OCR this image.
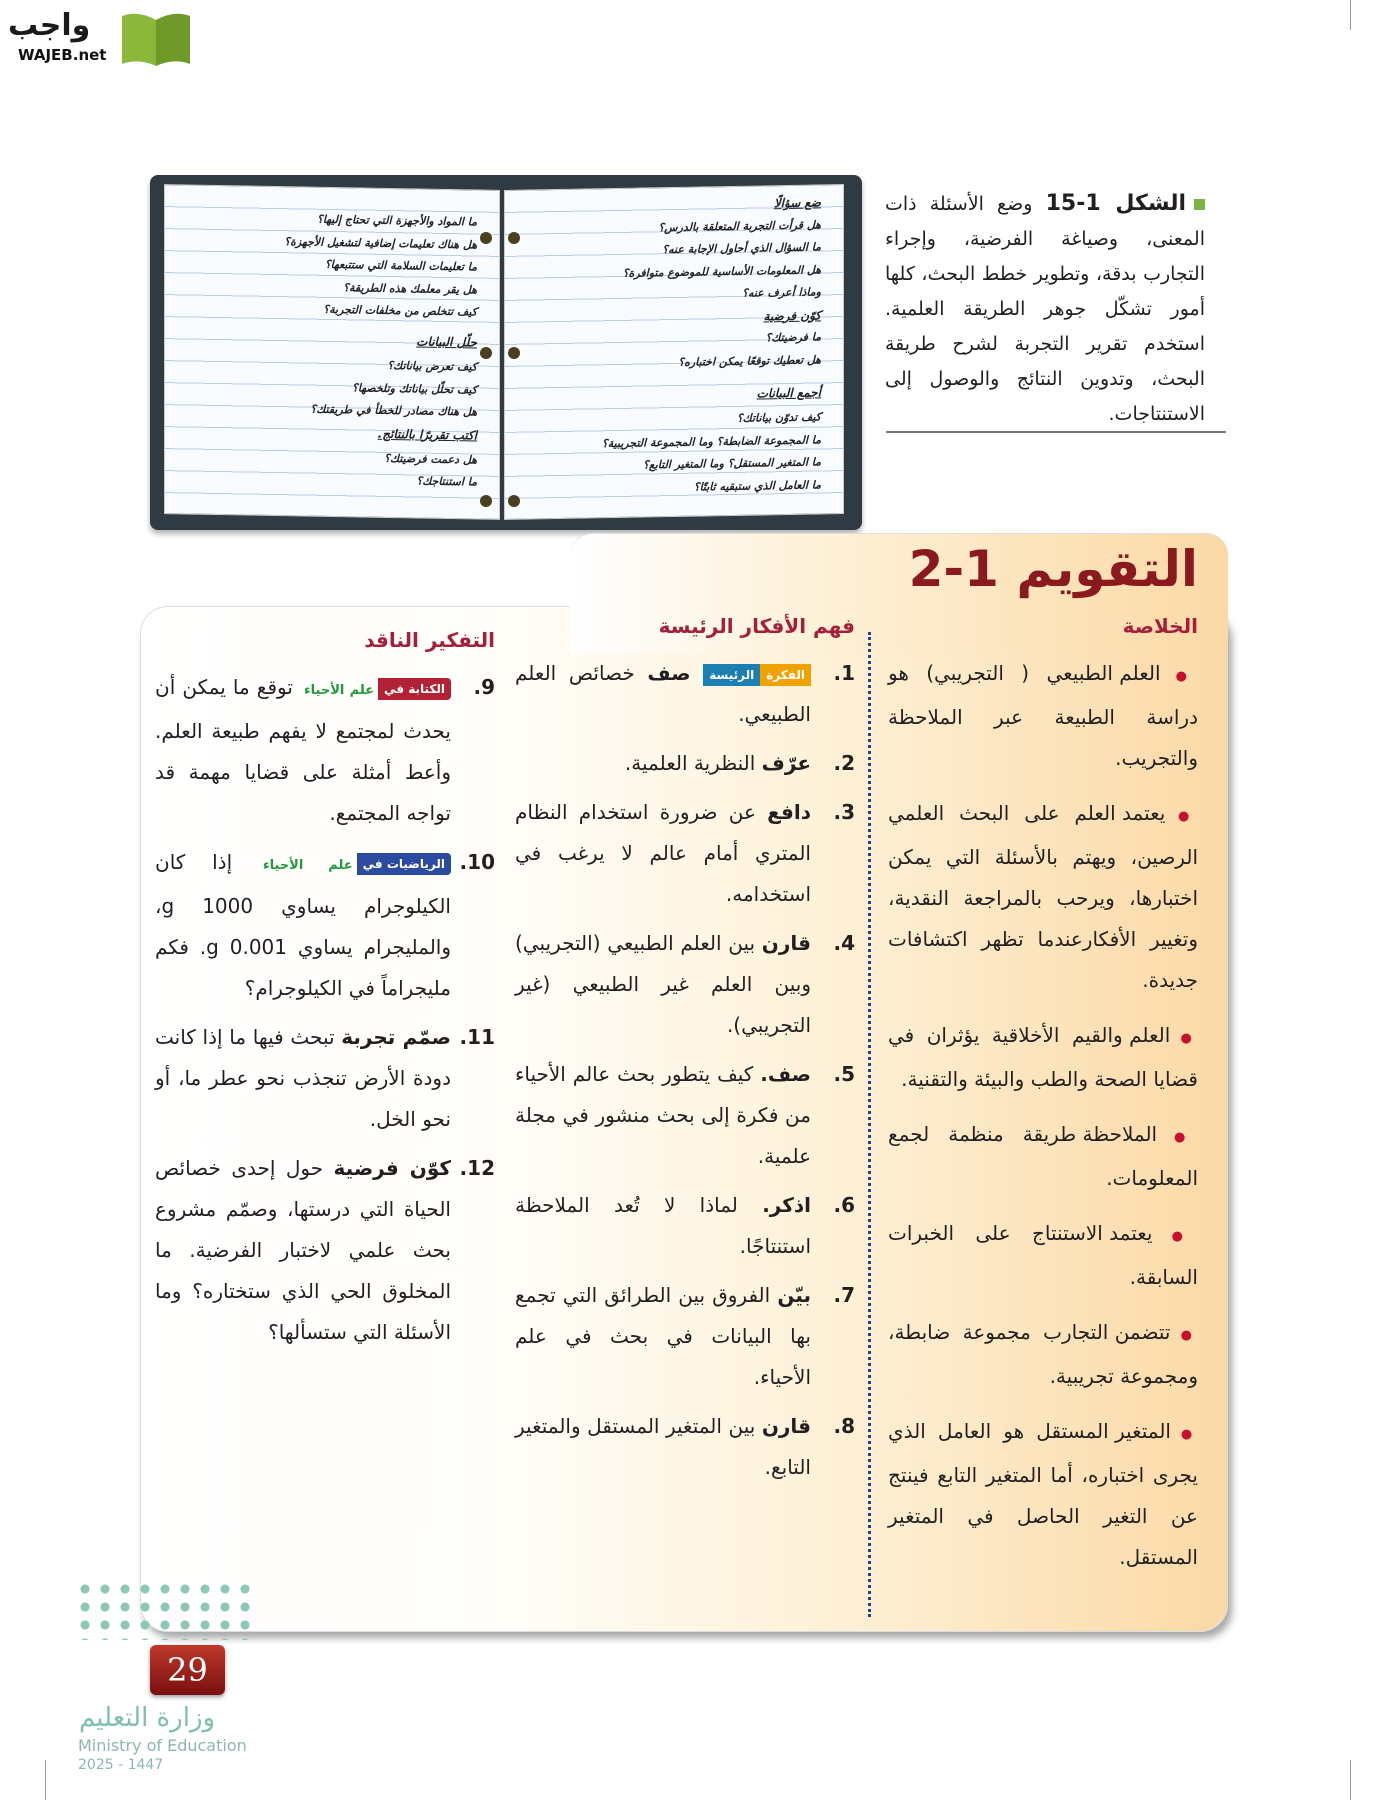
واجب
WAJEB.net
ضع سؤالًا
هل قرأت التجربة المتعلقة بالدرس؟
ما السؤال الذي أحاول الإجابة عنه؟
هل المعلومات الأساسية للموضوع متوافرة؟
وماذا أعرف عنه؟
كوّن فرضية
ما فرضيتك؟
هل تعطيك توقعًا يمكن اختباره؟
أجمع البيانات
كيف تدوّن بياناتك؟
ما المجموعة الضابطة؟ وما المجموعة التجريبية؟
ما المتغير المستقل؟ وما المتغير التابع؟
ما العامل الذي ستبقيه ثابتًا؟
ما المواد والأجهزة التي تحتاج إليها؟
هل هناك تعليمات إضافية لتشغيل الأجهزة؟
ما تعليمات السلامة التي ستتبعها؟
هل يقر معلمك هذه الطريقة؟
كيف تتخلص من مخلفات التجربة؟
حلّل البيانات
كيف تعرض بياناتك؟
كيف تحلّل بياناتك وتلخصها؟
هل هناك مصادر للخطأ في طريقتك؟
اكتب تقريرًا بالنتائج.
هل دعمت فرضيتك؟
ما استنتاجك؟
الشكل 1-15 وضع الأسئلة ذات المعنى، وصياغة الفرضية، وإجراء التجارب بدقة، وتطوير خطط البحث، كلها أمور تشكّل جوهر الطريقة العلمية. استخدم تقرير التجربة لشرح طريقة البحث، وتدوين النتائج والوصول إلى الاستنتاجات.
التقويم 1-2
الخلاصة
● العلم الطبيعي ( التجريبي) هو دراسة الطبيعة عبر الملاحظة والتجريب.
● يعتمد العلم على البحث العلمي الرصين، ويهتم بالأسئلة التي يمكن اختبارها، ويرحب بالمراجعة النقدية، وتغيير الأفكارعندما تظهر اكتشافات جديدة.
● العلم والقيم الأخلاقية يؤثران في قضايا الصحة والطب والبيئة والتقنية.
● الملاحظة طريقة منظمة لجمع المعلومات.
● يعتمد الاستنتاج على الخبرات السابقة.
● تتضمن التجارب مجموعة ضابطة، ومجموعة تجريبية.
● المتغير المستقل هو العامل الذي يجرى اختباره، أما المتغير التابع فينتج عن التغير الحاصل في المتغير المستقل.
فهم الأفكار الرئيسة
1.
الفكرةالرئيسة صف خصائص العلم الطبيعي.
2.
عرّف النظرية العلمية.
3.
دافع عن ضرورة استخدام النظام المتري أمام عالم لا يرغب في استخدامه.
4.
قارن بين العلم الطبيعي (التجريبي) وبين العلم غير الطبيعي (غير التجريبي).
5.
صف. كيف يتطور بحث عالم الأحياء من فكرة إلى بحث منشور في مجلة علمية.
6.
اذكر. لماذا لا تُعد الملاحظة استنتاجًا.
7.
بيّن الفروق بين الطرائق التي تجمع بها البيانات في بحث في علم الأحياء.
8.
قارن بين المتغير المستقل والمتغير التابع.
التفكير الناقد
9.
الكتابة فيعلم الأحياء توقع ما يمكن أن يحدث لمجتمع لا يفهم طبيعة العلم. وأعط أمثلة على قضايا مهمة قد تواجه المجتمع.
10.
الرياضيات فيعلم الأحياء إذا كان الكيلوجرام يساوي 1000 g، والمليجرام يساوي 0.001 g. فكم مليجراماً في الكيلوجرام؟
11.
صمّم تجربة تبحث فيها ما إذا كانت دودة الأرض تنجذب نحو عطر ما، أو نحو الخل.
12.
كوّن فرضية حول إحدى خصائص الحياة التي درستها، وصمّم مشروع بحث علمي لاختبار الفرضية. ما المخلوق الحي الذي ستختاره؟ وما الأسئلة التي ستسألها؟
وزارة التعليم
Ministry of Education
2025 - 1447
29
